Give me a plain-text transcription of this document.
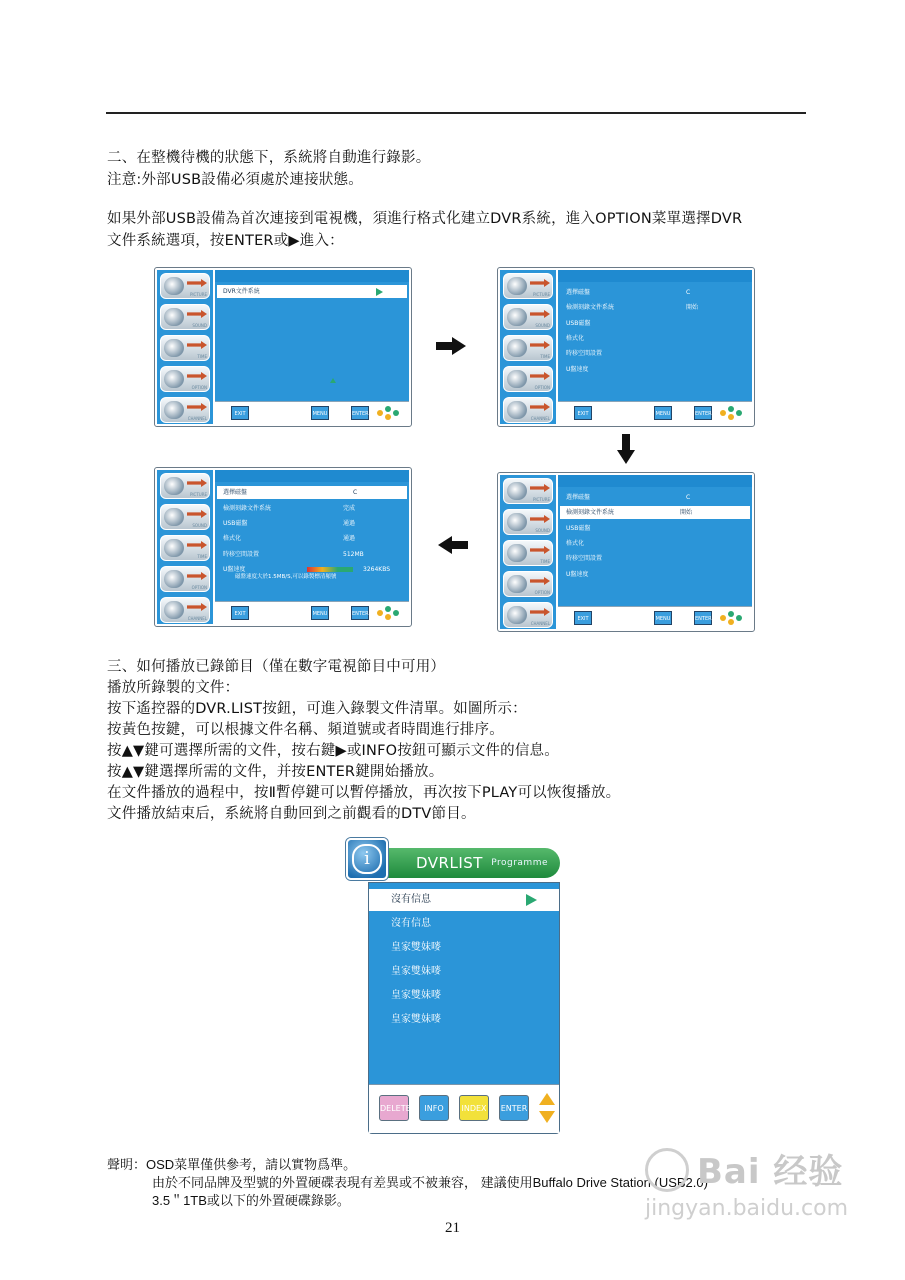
二、在整機待機的狀態下，系統將自動進行錄影。
注意:外部USB設備必須處於連接狀態。
如果外部USB設備為首次連接到電視機，須進行格式化建立DVR系統，進入OPTION菜單選擇DVR
文件系統選項，按ENTER或▶進入：
PICTURE
SOUND
TIME
OPTION
CHANNEL
DVR文件系統
EXIT	MENU	ENTER
PICTURE
SOUND
TIME
OPTION
CHANNEL
選擇磁盤	C
檢測刻錄文件系統	開始
USB磁盤
格式化
時移空間設置
U盤速度
EXIT	MENU	ENTER
PICTURE
SOUND
TIME
OPTION
CHANNEL
選擇磁盤	C
檢測刻錄文件系統	開始
USB磁盤
格式化
時移空間設置
U盤速度
EXIT	MENU	ENTER
PICTURE
SOUND
TIME
OPTION
CHANNEL
選擇磁盤	C
檢測刻錄文件系統	完成
USB磁盤	通過
格式化	通過
時移空間設置	512MB
U盤速度	3264KBS
磁盤速度大於1.5MB/S,可以錄製標清頻號
EXIT	MENU	ENTER
三、如何播放已錄節目（僅在數字電視節目中可用）
播放所錄製的文件：
按下遙控器的DVR.LIST按鈕，可進入錄製文件清單。如圖所示：
按黃色按鍵，可以根據文件名稱、頻道號或者時間進行排序。
按▲▼鍵可選擇所需的文件，按右鍵▶或INFO按鈕可顯示文件的信息。
按▲▼鍵選擇所需的文件，并按ENTER鍵開始播放。
在文件播放的過程中，按Ⅱ暫停鍵可以暫停播放，再次按下PLAY可以恢復播放。
文件播放結束后，系統將自動回到之前觀看的DTV節目。
DVRLIST Programme
i
沒有信息
沒有信息
皇家雙妹嘜
皇家雙妹嘜
皇家雙妹嘜
皇家雙妹嘜
DELETE	INFO	INDEX	ENTER
聲明：OSD菜單僅供參考，請以實物爲準。
由於不同品牌及型號的外置硬碟表現有差異或不被兼容， 建議使用Buffalo Drive Station (USB2.0)
3.5＂1TB或以下的外置硬碟錄影。
Bai 经验
jingyan.baidu.com
21
